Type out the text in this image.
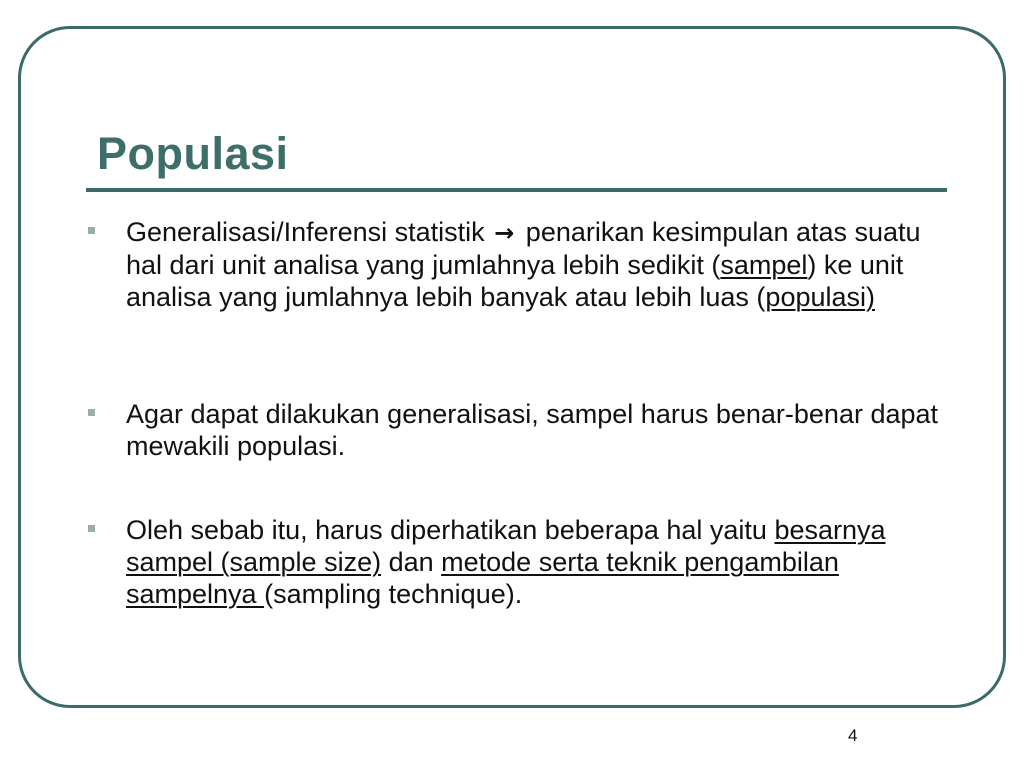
Populasi
Generalisasi/Inferensi statistik → penarikan kesimpulan atas suatu hal dari unit analisa yang jumlahnya lebih sedikit (sampel) ke unit analisa yang jumlahnya lebih banyak atau lebih luas (populasi)
Agar dapat dilakukan generalisasi, sampel harus benar-benar dapat mewakili populasi.
Oleh sebab itu, harus diperhatikan beberapa hal yaitu besarnya sampel (sample size) dan metode serta teknik pengambilan sampelnya (sampling technique).
4
